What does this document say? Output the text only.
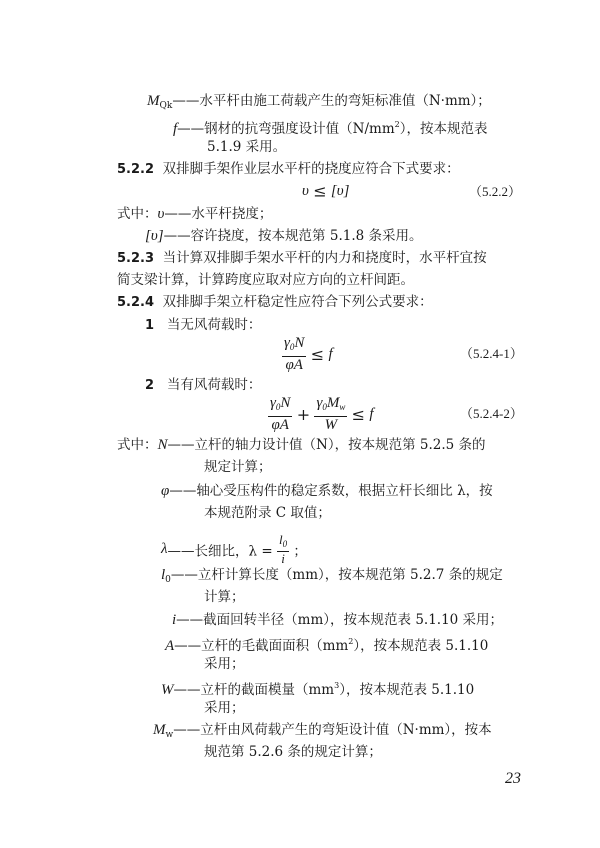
$M_{Qk}——$水平杆由施工荷载产生的弯矩标准值（N·mm）；
f——钢材的抗弯强度设计值$(N/mm^2)$，按本规范表
5.1.9 采用。
5.2.2 双排脚手架作业层水平杆的挠度应符合下式要求：
υ ≤ [υ]	（5.2.2）
式中：υ——水平杆挠度；
[υ]——容许挠度，按本规范第 5.1.8 条采用。
5.2.3 当计算双排脚手架水平杆的内力和挠度时，水平杆宜按
简支梁计算，计算跨度应取对应方向的立杆间距。
5.2.4 双排脚手架立杆稳定性应符合下列公式要求：
1 当无风荷载时：
$\frac{\gamma_0N}{\varphi A} \le f$	（5.2.4-1）
2 当有风荷载时：
$\frac{\gamma_0N}{\varphi A} + \frac{\gamma_0M_w}{W} \le f$	（5.2.4-2）
式中：N——立杆的轴力设计值（N），按本规范第 5.2.5 条的
规定计算；
φ——轴心受压构件的稳定系数，根据立杆长细比 λ，按
本规范附录 C 取值；
λ——长细比，$\lambda = \frac{l_0}{i}$ ；
$l_0——$立杆计算长度（mm），按本规范第 5.2.7 条的规定
计算；
i——截面回转半径（mm），按本规范表 5.1.10 采用；
A——立杆的毛截面面积$(mm^2)$，按本规范表 5.1.10
采用；
W——立杆的截面模量$(mm^3)$，按本规范表 5.1.10
采用；
$M_w——$立杆由风荷载产生的弯矩设计值（N·mm），按本
规范第 5.2.6 条的规定计算；
23
